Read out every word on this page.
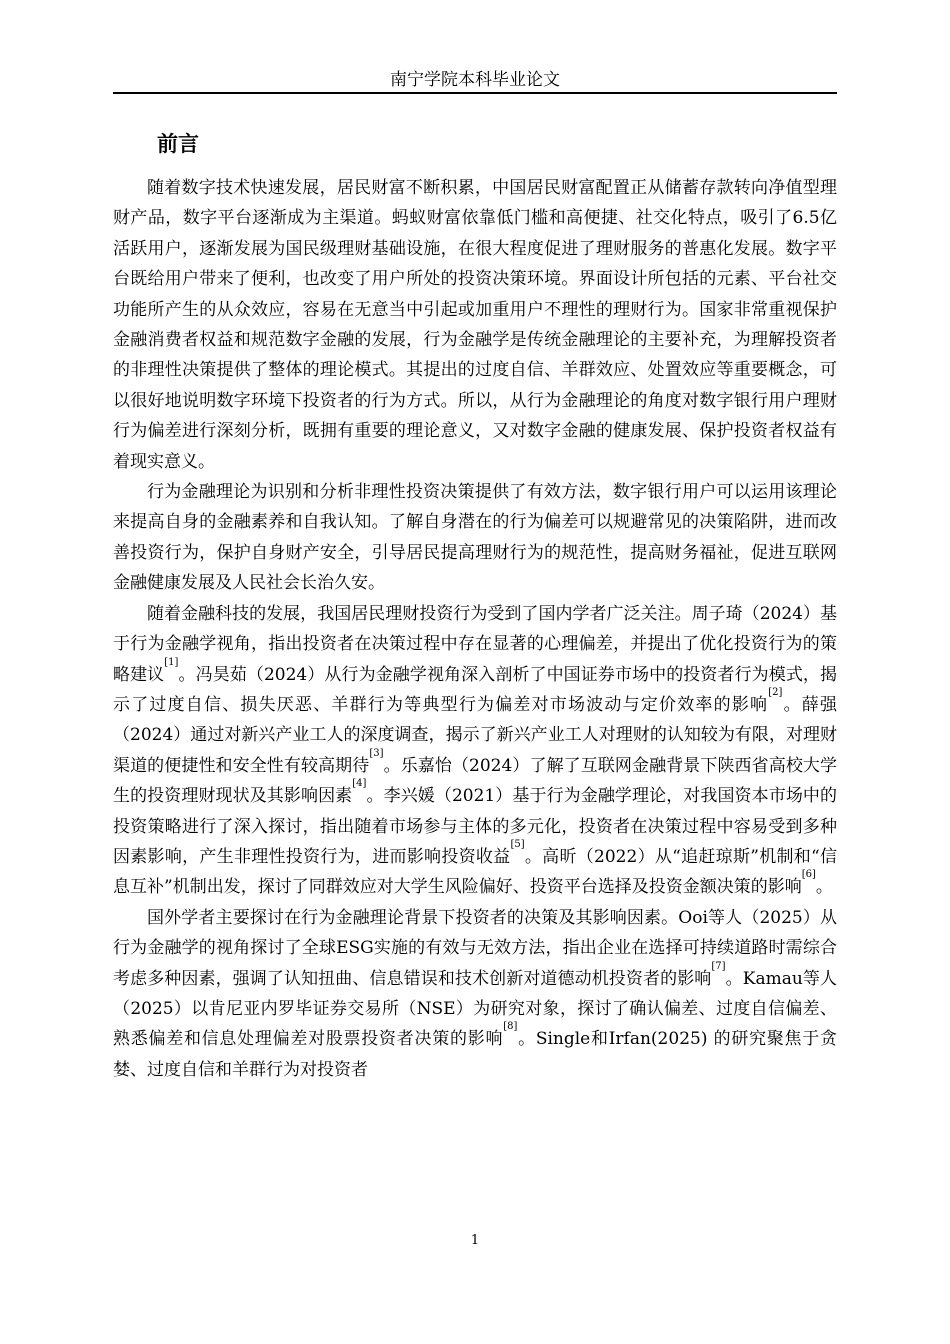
南宁学院本科毕业论文
前言

随着数字技术快速发展，居民财富不断积累，中国居民财富配置正从储蓄存款转向净值型理财产品，数字平台逐渐成为主渠道。蚂蚁财富依靠低门槛和高便捷、社交化特点，吸引了6.5亿活跃用户，逐渐发展为国民级理财基础设施，在很大程度促进了理财服务的普惠化发展。数字平台既给用户带来了便利，也改变了用户所处的投资决策环境。界面设计所包括的元素、平台社交功能所产生的从众效应，容易在无意当中引起或加重用户不理性的理财行为。国家非常重视保护金融消费者权益和规范数字金融的发展，行为金融学是传统金融理论的主要补充，为理解投资者的非理性决策提供了整体的理论模式。其提出的过度自信、羊群效应、处置效应等重要概念，可以很好地说明数字环境下投资者的行为方式。所以，从行为金融理论的角度对数字银行用户理财行为偏差进行深刻分析，既拥有重要的理论意义，又对数字金融的健康发展、保护投资者权益有着现实意义。

行为金融理论为识别和分析非理性投资决策提供了有效方法，数字银行用户可以运用该理论来提高自身的金融素养和自我认知。了解自身潜在的行为偏差可以规避常见的决策陷阱，进而改善投资行为，保护自身财产安全，引导居民提高理财行为的规范性，提高财务福祉，促进互联网金融健康发展及人民社会长治久安。

随着金融科技的发展，我国居民理财投资行为受到了国内学者广泛关注。周子琦（2024）基于行为金融学视角，指出投资者在决策过程中存在显著的心理偏差，并提出了优化投资行为的策略建议[1]。冯昊茹（2024）从行为金融学视角深入剖析了中国证券市场中的投资者行为模式，揭示了过度自信、损失厌恶、羊群行为等典型行为偏差对市场波动与定价效率的影响[2]。薛强（2024）通过对新兴产业工人的深度调查，揭示了新兴产业工人对理财的认知较为有限，对理财渠道的便捷性和安全性有较高期待[3]。乐嘉怡（2024）了解了互联网金融背景下陕西省高校大学生的投资理财现状及其影响因素[4]。李兴媛（2021）基于行为金融学理论，对我国资本市场中的投资策略进行了深入探讨，指出随着市场参与主体的多元化，投资者在决策过程中容易受到多种因素影响，产生非理性投资行为，进而影响投资收益[5]。高昕（2022）从“追赶琼斯”机制和“信息互补”机制出发，探讨了同群效应对大学生风险偏好、投资平台选择及投资金额决策的影响[6]。

国外学者主要探讨在行为金融理论背景下投资者的决策及其影响因素。Ooi等人（2025）从行为金融学的视角探讨了全球ESG实施的有效与无效方法，指出企业在选择可持续道路时需综合考虑多种因素，强调了认知扭曲、信息错误和技术创新对道德动机投资者的影响[7]。Kamau等人（2025）以肯尼亚内罗毕证券交易所（NSE）为研究对象，探讨了确认偏差、过度自信偏差、熟悉偏差和信息处理偏差对股票投资者决策的影响[8]。Single和Irfan(2025) 的研究聚焦于贪婪、过度自信和羊群行为对投资者

1
